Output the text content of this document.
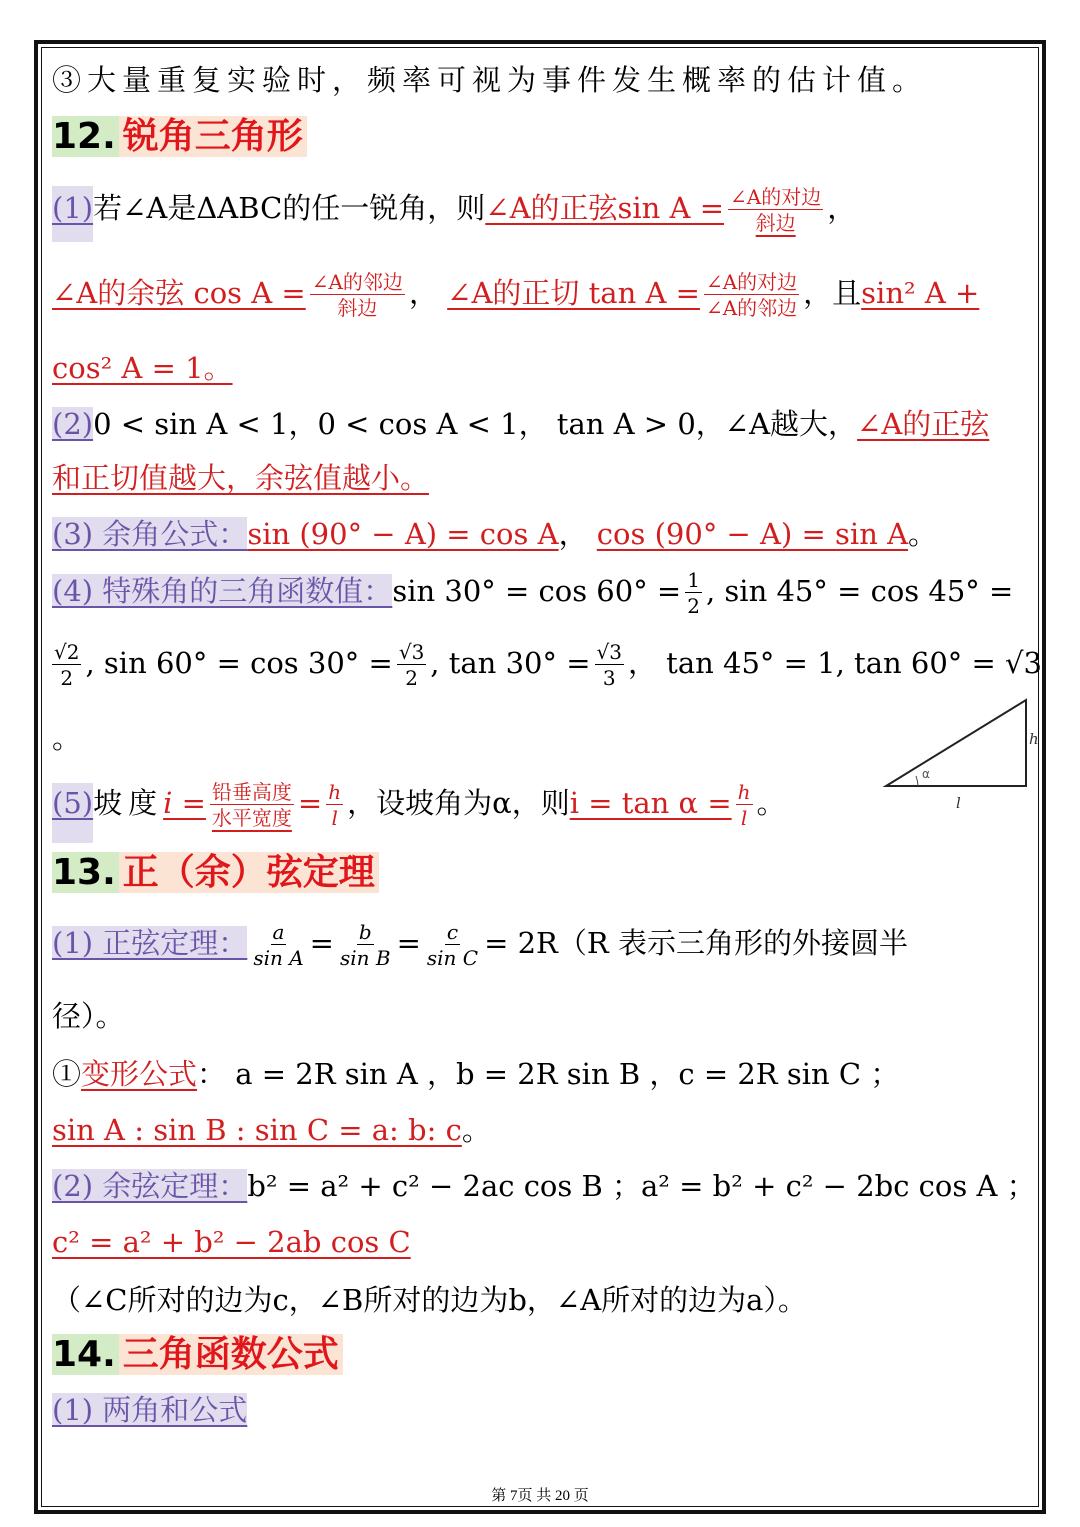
③大量重复实验时，频率可视为事件发生概率的估计值。
12. 锐角三角形
(1)若∠A是ΔABC的任一锐角，则∠A的正弦$\sin A = \frac{\text{∠A的对边}}{\text{斜边}}$ ，
∠A的余弦 $\cos A = \frac{\text{∠A的邻边}}{\text{斜边}}$ ， ∠A的正切 $\tan A = \frac{\text{∠A的对边}}{\text{∠A的邻边}}$ ，且sin² A +
cos² A = 1。
(2)0 < sin A < 1，0 < cos A < 1， tan A > 0，∠A越大，∠A的正弦
和正切值越大，余弦值越小。
(3) 余角公式：sin (90° − A) = cos A， cos (90° − A) = sin A。
(4) 特殊角的三角函数值：$\sin 30^\circ = \cos 60^\circ = \frac{1}{2}$ , sin 45° = cos 45° =
$\frac{√2}{2}$ , $\sin 60^\circ = \cos 30^\circ = \frac{√3}{2}$ , $\tan 30^\circ = \frac{√3}{3}$ ， tan 45° = 1, tan 60° = √3
。
α
h
l
(5)坡度$i = \frac{\text{铅垂高度}}{\text{水平宽度}} = \frac{h}{l}$ ，设坡角为α，则$i = \tan \alpha = \frac{h}{l}$ 。
13. 正（余）弦定理
(1) 正弦定理： $\frac{a}{\text{sin A}} = \frac{b}{\text{sin B}} = \frac{c}{\text{sin C}} = 2R(R$ 表示三角形的外接圆半
径）。
①变形公式： a = 2R sin A ，b = 2R sin B ，c = 2R sin C ；
sin A : sin B : sin C = a: b: c。
(2) 余弦定理：b² = a² + c² − 2ac cos B ；a² = b² + c² − 2bc cos A ；
c² = a² + b² − 2ab cos C
（∠C所对的边为c，∠B所对的边为b，∠A所对的边为a）。
14. 三角函数公式
(1) 两角和公式
第 7页 共 20 页
